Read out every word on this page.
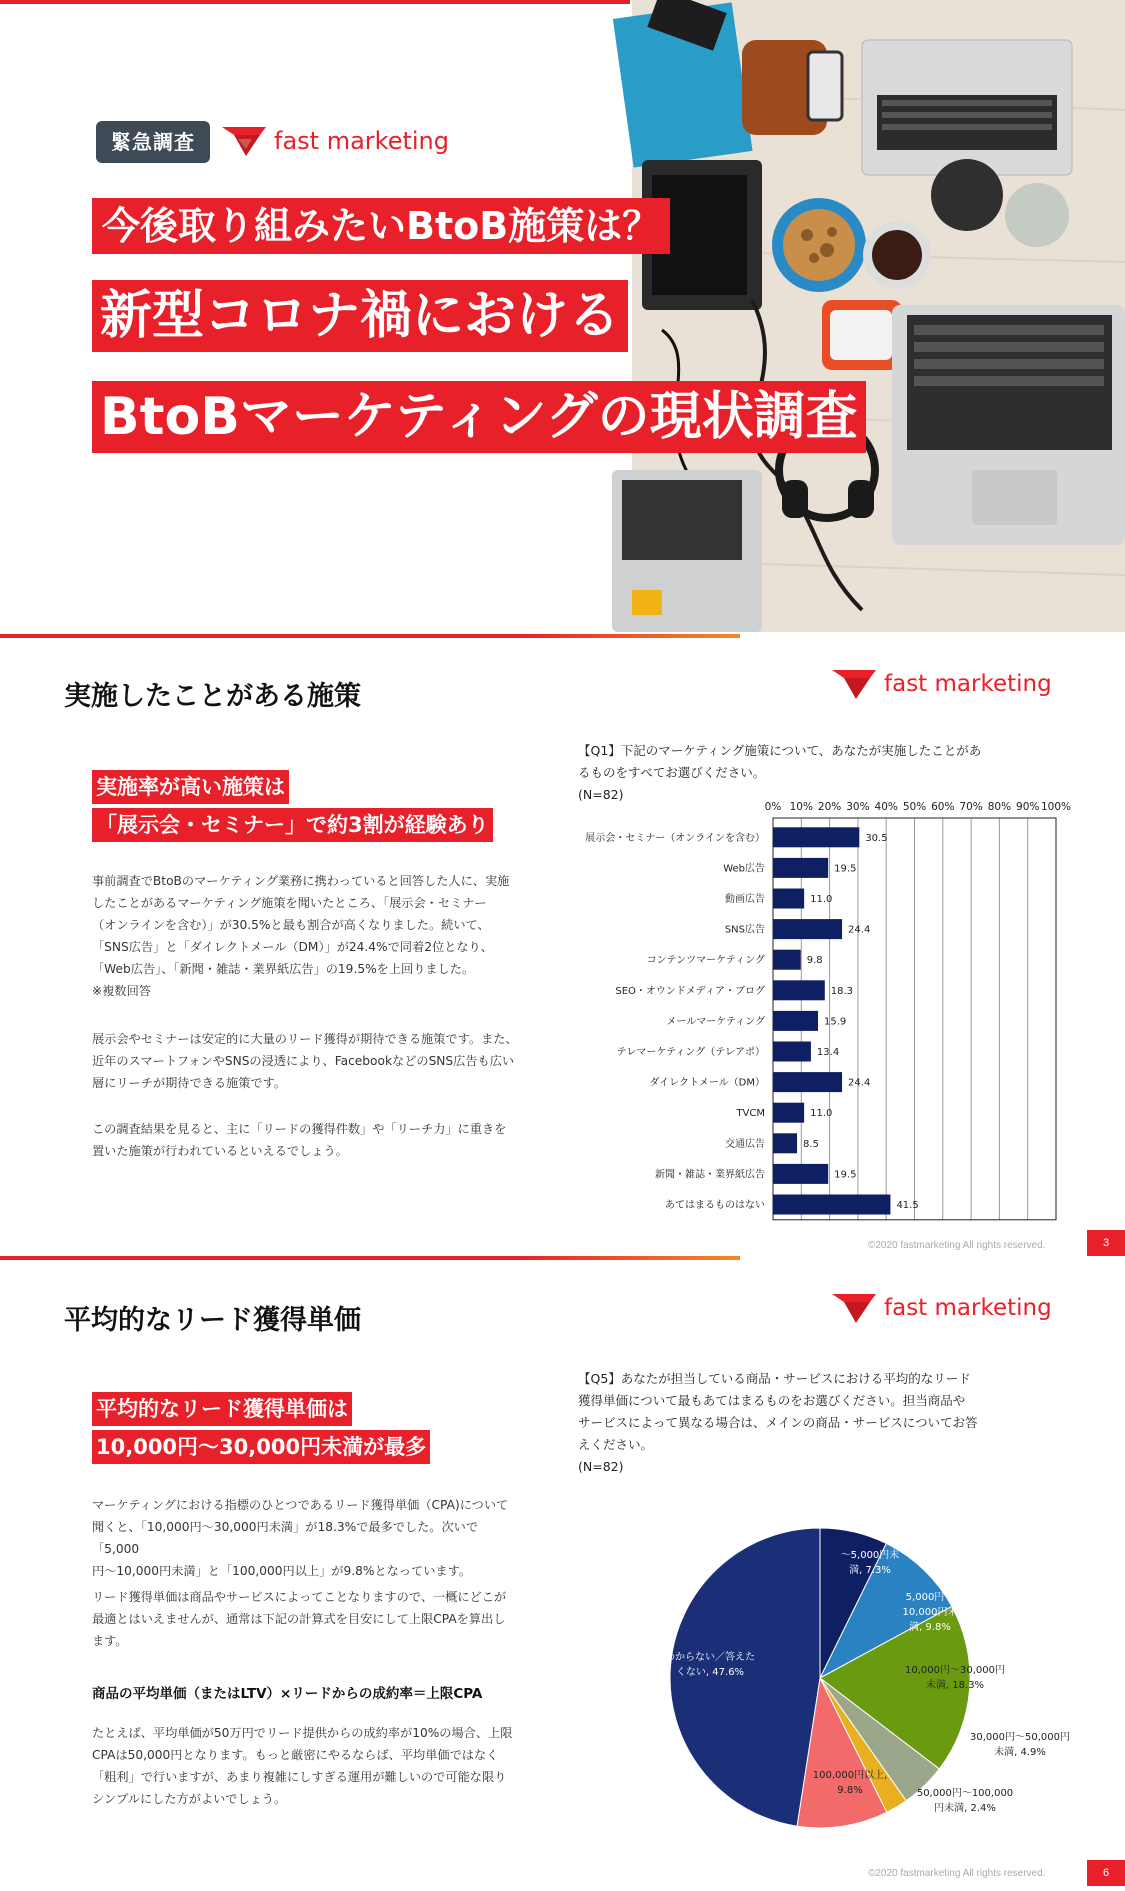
緊急調査	fast marketing
今後取り組みたいBtoB施策は？
新型コロナ禍における
BtoBマーケティングの現状調査
実施したことがある施策	fast marketing
実施率が高い施策は
「展示会・セミナー」で約3割が経験あり
事前調査でBtoBのマーケティング業務に携わっていると回答した人に、実施
したことがあるマーケティング施策を聞いたところ、「展示会・セミナー
（オンラインを含む）」が30.5%と最も割合が高くなりました。続いて、
「SNS広告」と「ダイレクトメール（DM）」が24.4%で同着2位となり、
「Web広告」、「新聞・雑誌・業界紙広告」の19.5%を上回りました。
※複数回答
展示会やセミナーは安定的に大量のリード獲得が期待できる施策です。また、
近年のスマートフォンやSNSの浸透により、FacebookなどのSNS広告も広い
層にリーチが期待できる施策です。
この調査結果を見ると、主に「リードの獲得件数」や「リーチ力」に重きを
置いた施策が行われているといえるでしょう。
【Q1】下記のマーケティング施策について、あなたが実施したことがあ
るものをすべてお選びください。
(N=82)
0% 10% 20% 30% 40% 50% 60% 70% 80% 90% 100%
展示会・セミナー（オンラインを含む）	30.5
Web広告	19.5
動画広告	11.0
SNS広告	24.4
コンテンツマーケティング	9.8
SEO・オウンドメディア・ブログ	18.3
メールマーケティング	15.9
テレマーケティング（テレアポ）	13.4
ダイレクトメール（DM）	24.4
TVCM	11.0
交通広告	8.5
新聞・雑誌・業界紙広告	19.5
あてはまるものはない	41.5
©2020 fastmarketing All rights reserved.	3
平均的なリード獲得単価	fast marketing
平均的なリード獲得単価は
10,000円～30,000円未満が最多
マーケティングにおける指標のひとつであるリード獲得単価（CPA)について
聞くと、「10,000円～30,000円未満」が18.3%で最多でした。次いで「5,000
円～10,000円未満」と「100,000円以上」が9.8%となっています。
リード獲得単価は商品やサービスによってことなりますので、一概にどこが
最適とはいえませんが、通常は下記の計算式を目安にして上限CPAを算出し
ます。
商品の平均単価（またはLTV）×リードからの成約率＝上限CPA
たとえば、平均単価が50万円でリード提供からの成約率が10%の場合、上限
CPAは50,000円となります。もっと厳密にやるならば、平均単価ではなく
「粗利」で行いますが、あまり複雑にしすぎる運用が難しいので可能な限り
シンプルにした方がよいでしょう。
【Q5】あなたが担当している商品・サービスにおける平均的なリード
獲得単価について最もあてはまるものをお選びください。担当商品や
サービスによって異なる場合は、メインの商品・サービスについてお答
えください。
(N=82)
～5,000円未満, 7.3%
5,000円～ 10,000円未満, 9.8%
10,000円～30,000円未満, 18.3%
30,000円～50,000円未満, 4.9%
50,000円～100,000 円未満, 2.4%
100,000円以上, 9.8%
わからない／答えたくない, 47.6%
©2020 fastmarketing All rights reserved.	6
